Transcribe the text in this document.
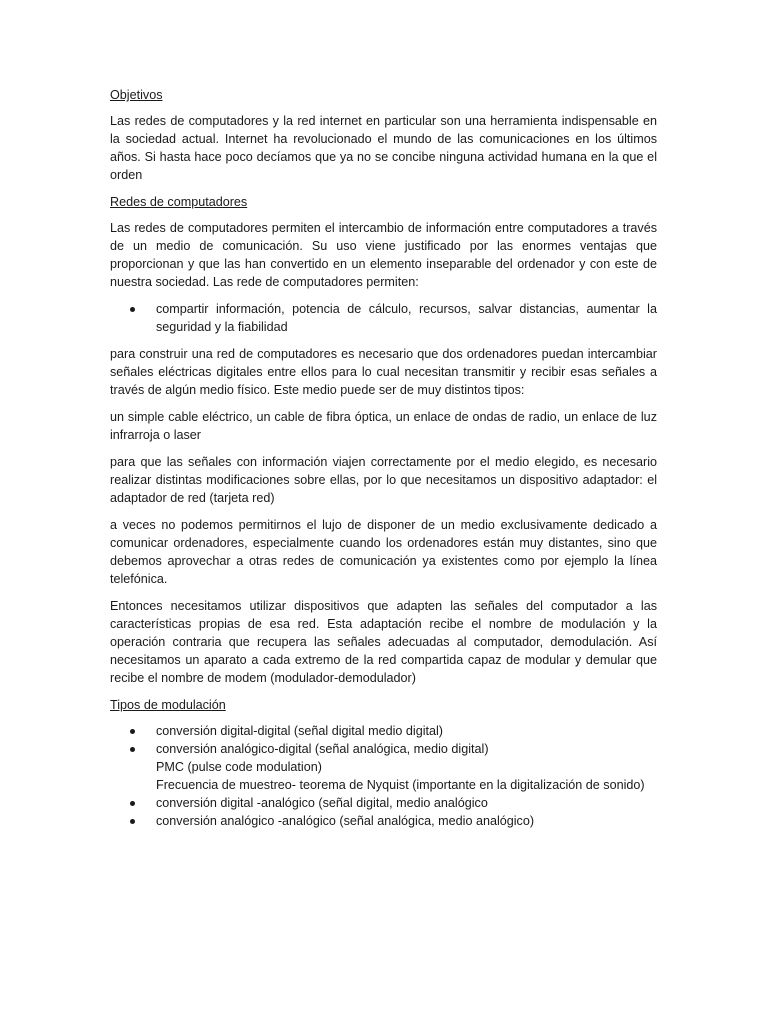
Objetivos

Las redes de computadores y la red internet en particular son una herramienta indispensable en la sociedad actual. Internet ha revolucionado el mundo de las comunicaciones en los últimos años. Si hasta hace poco decíamos que ya no se concibe ninguna actividad humana en la que el orden

Redes de computadores

Las redes de computadores permiten el intercambio de información entre computadores a través de un medio de comunicación. Su uso viene justificado por las enormes ventajas que proporcionan y que las han convertido en un elemento inseparable del ordenador y con este de nuestra sociedad. Las rede de computadores permiten:

compartir información, potencia de cálculo, recursos, salvar distancias, aumentar la seguridad y la fiabilidad

para construir una red de computadores es necesario que dos ordenadores puedan intercambiar señales eléctricas digitales entre ellos para lo cual necesitan transmitir y recibir esas señales a través de algún medio físico. Este medio puede ser de muy distintos tipos:

un simple cable eléctrico, un cable de fibra óptica, un enlace de ondas de radio, un enlace de luz infrarroja o laser

para que las señales con información viajen correctamente por el medio elegido, es necesario realizar distintas modificaciones sobre ellas, por lo que necesitamos un dispositivo adaptador: el adaptador de red (tarjeta red)

a veces no podemos permitirnos el lujo de disponer de un medio exclusivamente dedicado a comunicar ordenadores, especialmente cuando los ordenadores están muy distantes, sino que debemos aprovechar a otras redes de comunicación ya existentes como por ejemplo la línea telefónica.

Entonces necesitamos utilizar dispositivos que adapten las señales del computador a las características propias de esa red. Esta adaptación recibe el nombre de modulación y la operación contraria que recupera las señales adecuadas al computador, demodulación. Así necesitamos un aparato a cada extremo de la red compartida capaz de modular y demular que recibe el nombre de modem (modulador-demodulador)

Tipos de modulación
conversión digital-digital (señal digital medio digital)
conversión analógico-digital (señal analógica, medio digital)
PMC (pulse code modulation)
Frecuencia de muestreo- teorema de Nyquist (importante en la digitalización de sonido)
conversión digital -analógico (señal digital, medio analógico
conversión analógico -analógico (señal analógica, medio analógico)
